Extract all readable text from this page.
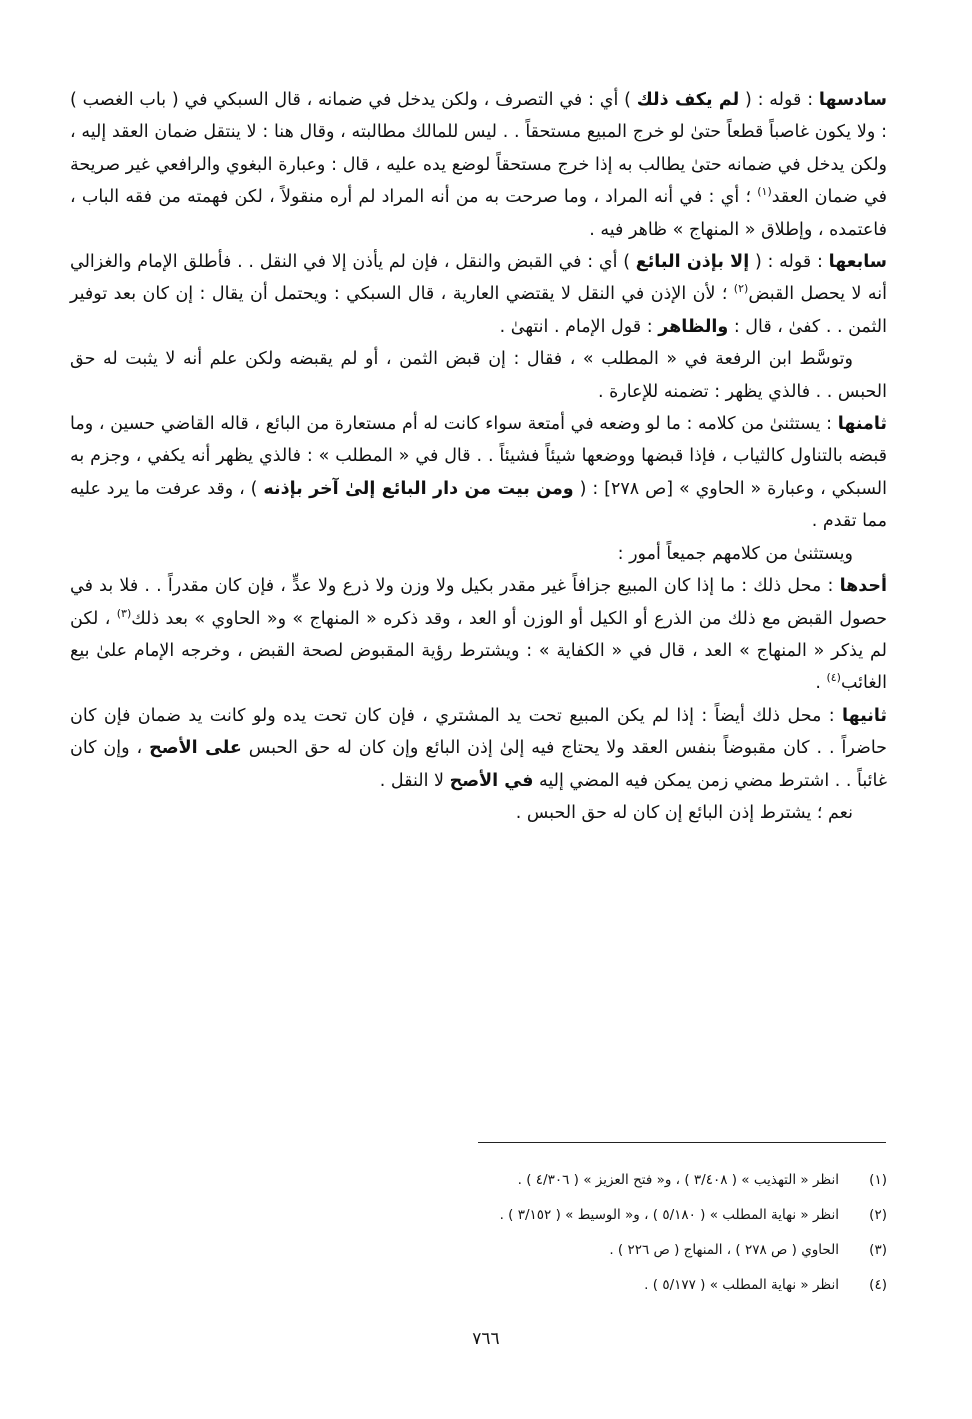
سادسها : قوله : ( لم يكف ذلك ) أي : في التصرف ، ولكن يدخل في ضمانه ، قال السبكي في ( باب الغصب ) : ولا يكون غاصباً قطعاً حتىٰ لو خرج المبيع مستحقاً . . ليس للمالك مطالبته ، وقال هنا : لا ينتقل ضمان العقد إليه ، ولكن يدخل في ضمانه حتىٰ يطالب به إذا خرج مستحقاً لوضع يده عليه ، قال : وعبارة البغوي والرافعي غير صريحة في ضمان العقد$^{(١)}$ ؛ أي : في أنه المراد ، وما صرحت به من أنه المراد لم أره منقولاً ، لكن فهمته من فقه الباب ، فاعتمده ، وإطلاق « المنهاج » ظاهر فيه .

سابعها : قوله : ( إلا بإذن البائع ) أي : في القبض والنقل ، فإن لم يأذن إلا في النقل . . فأطلق الإمام والغزالي أنه لا يحصل القبض$^{(٢)}$ ؛ لأن الإذن في النقل لا يقتضي العارية ، قال السبكي : ويحتمل أن يقال : إن كان بعد توفير الثمن . . كفىٰ ، قال : والظاهر : قول الإمام . انتهىٰ .

وتوسَّط ابن الرفعة في « المطلب » ، فقال : إن قبض الثمن ، أو لم يقبضه ولكن علم أنه لا يثبت له حق الحبس . . فالذي يظهر : تضمنه للإعارة .

ثامنها : يستثنىٰ من كلامه : ما لو وضعه في أمتعة سواء كانت له أم مستعارة من البائع ، قاله القاضي حسين ، وما قبضه بالتناول كالثياب ، فإذا قبضها ووضعها شيئاً فشيئاً . . قال في « المطلب » : فالذي يظهر أنه يكفي ، وجزم به السبكي ، وعبارة « الحاوي » [ص ٢٧٨] : ( ومن بيت من دار البائع إلىٰ آخر بإذنه ) ، وقد عرفت ما يرد عليه مما تقدم .

ويستثنىٰ من كلامهم جميعاً أمور :

أحدها : محل ذلك : ما إذا كان المبيع جزافاً غير مقدر بكيل ولا وزن ولا ذرع ولا عدٍّ ، فإن كان مقدراً . . فلا بد في حصول القبض مع ذلك من الذرع أو الكيل أو الوزن أو العد ، وقد ذكره « المنهاج » و« الحاوي » بعد ذلك$^{(٣)}$ ، لكن لم يذكر « المنهاج » العد ، قال في « الكفاية » : ويشترط رؤية المقبوض لصحة القبض ، وخرجه الإمام علىٰ بيع الغائب$^{(٤)}$ .

ثانيها : محل ذلك أيضاً : إذا لم يكن المبيع تحت يد المشتري ، فإن كان تحت يده ولو كانت يد ضمان فإن كان حاضراً . . كان مقبوضاً بنفس العقد ولا يحتاج فيه إلىٰ إذن البائع وإن كان له حق الحبس على الأصح ، وإن كان غائباً . . اشترط مضي زمن يمكن فيه المضي إليه في الأصح لا النقل .

نعم ؛ يشترط إذن البائع إن كان له حق الحبس .

(١)
انظر « التهذيب » ( ٣/٤٠٨ ) ، و« فتح العزيز » ( ٤/٣٠٦ ) .
(٢)
انظر « نهاية المطلب » ( ٥/١٨٠ ) ، و« الوسيط » ( ٣/١٥٢ ) .
(٣)
الحاوي ( ص ٢٧٨ ) ، المنهاج ( ص ٢٢٦ ) .
(٤)
انظر « نهاية المطلب » ( ٥/١٧٧ ) .
٧٦٦
